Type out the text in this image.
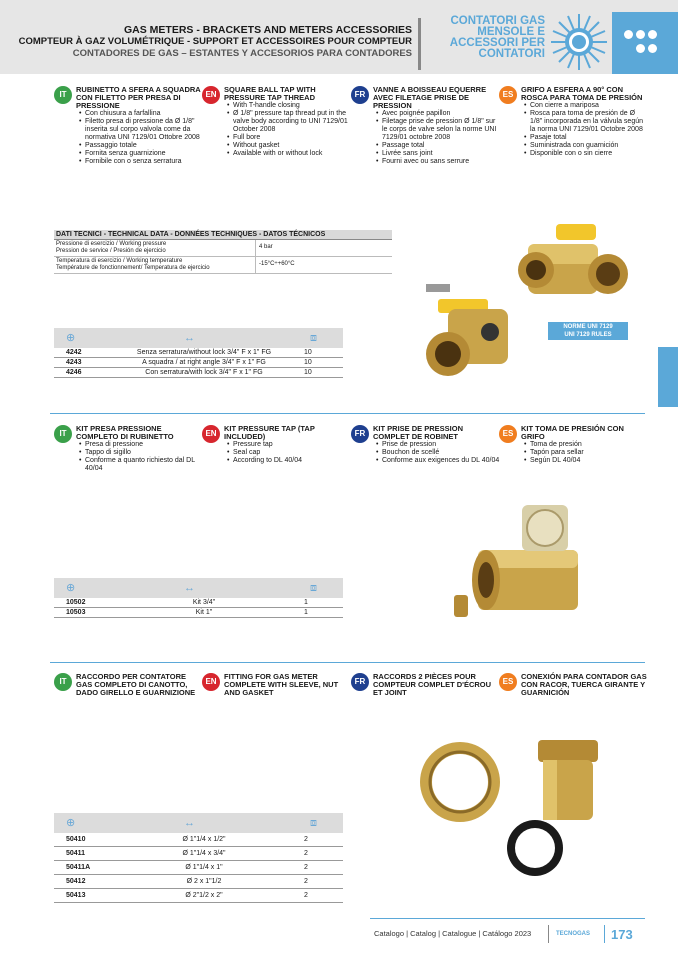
GAS METERS - BRACKETS AND METERS ACCESSORIES
COMPTEUR À GAZ VOLUMÉTRIQUE - SUPPORT ET ACCESSOIRES POUR COMPTEUR
CONTADORES DE GAS – ESTANTES Y ACCESORIOS PARA CONTADORES
CONTATORI GAS
MENSOLE E
ACCESSORI PER
CONTATORI
IT
RUBINETTO A SFERA A SQUADRA CON FILETTO PER PRESA DI PRESSIONE
• Con chiusura a farfallina
• Filetto presa di pressione da Ø 1/8" inserita sul corpo valvola come da normativa UNI 7129/01 Ottobre 2008
• Passaggio totale
• Fornita senza guarnizione
• Fornibile con o senza serratura
EN
SQUARE BALL TAP WITH PRESSURE TAP THREAD
• With T-handle closing
• Ø 1/8" pressure tap thread put in the valve body according to UNI 7129/01 October 2008
• Full bore
• Without gasket
• Available with or without lock
FR
VANNE A BOISSEAU EQUERRE AVEC FILETAGE PRISE DE PRESSION
• Avec poignée papillon
• Filetage prise de pression Ø 1/8" sur le corps de valve selon la norme UNI 7129/01 octobre 2008
• Passage total
• Livrée sans joint
• Fourni avec ou sans serrure
ES
GRIFO A ESFERA A 90° CON ROSCA PARA TOMA DE PRESIÓN
• Con cierre a mariposa
• Rosca para toma de presión de Ø 1/8" incorporada en la válvula según la norma UNI 7129/01 Octobre 2008
• Pasaje total
• Suministrada con guarnición
• Disponible con o sin cierre
DATI TECNICI - TECHNICAL DATA - DONNÉES TECHNIQUES - DATOS TÉCNICOS
Pressione di esercizio / Working pressure
Pression de service / Presión de ejercicio
4 bar
Temperatura di esercizio / Working temperature
Température de fonctionnement/ Temperatura de ejercicio
-15°C÷+60°C
NORME UNI 7129
UNI 7129 RULES
⊕	↔	⧈
4242	Senza serratura/without lock 3/4" F x 1" FG	10
4243	A squadra / at right angle 3/4" F x 1" FG	10
4246	Con serratura/with lock 3/4" F x 1" FG	10
IT
KIT PRESA PRESSIONE COMPLETO DI RUBINETTO
• Presa di pressione
• Tappo di sigillo
• Conforme a quanto richiesto dal DL 40/04
EN
KIT PRESSURE TAP (TAP INCLUDED)
• Pressure tap
• Seal cap
• According to DL 40/04
FR
KIT PRISE DE PRESSION COMPLET DE ROBINET
• Prise de pression
• Bouchon de scellé
• Conforme aux exigences du DL 40/04
ES
KIT TOMA DE PRESIÓN CON GRIFO
• Toma de presión
• Tapón para sellar
• Según DL 40/04
⊕	↔	⧈
10502	Kit 3/4"	1
10503	Kit 1"	1
IT
RACCORDO PER CONTATORE GAS COMPLETO DI CANOTTO, DADO GIRELLO E GUARNIZIONE
EN
FITTING FOR GAS METER COMPLETE WITH SLEEVE, NUT AND GASKET
FR
RACCORDS 2 PIÈCES POUR COMPTEUR COMPLET D'ÉCROU ET JOINT
ES
CONEXIÓN PARA CONTADOR GAS CON RACOR, TUERCA GIRANTE Y GUARNICIÓN
⊕	↔	⧈
50410	Ø 1"1/4 x 1/2"	2
50411	Ø 1"1/4 x 3/4"	2
50411A	Ø 1"1/4 x 1"	2
50412	Ø 2 x 1"1/2	2
50413	Ø 2"1/2 x 2"	2
Catalogo | Catalog | Catalogue | Catálogo 2023	TECNOGAS 173
